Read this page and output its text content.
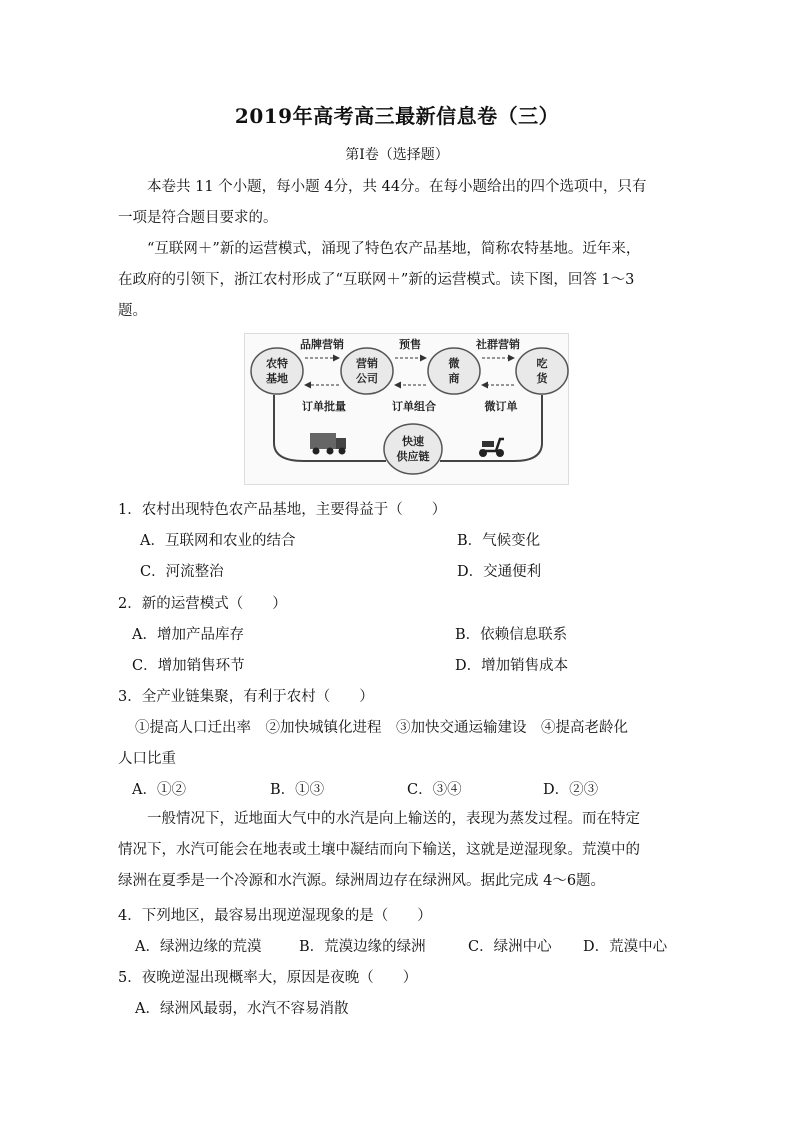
2019年高考高三最新信息卷（三）
第Ⅰ卷（选择题）
本卷共 11 个小题，每小题 4分，共 44分。在每小题给出的四个选项中，只有
一项是符合题目要求的。
“互联网＋”新的运营模式，涌现了特色农产品基地，简称农特基地。近年来，
在政府的引领下，浙江农村形成了“互联网＋”新的运营模式。读下图，回答 1～3
题。
农特
基地
营销
公司
微
商
吃
货
快速
供应链
品牌营销	预售	社群营销
订单批量	订单组合	微订单
1．农村出现特色农产品基地，主要得益于（　　）
A．互联网和农业的结合	B．气候变化
C．河流整治	D．交通便利
2．新的运营模式（　　）
A．增加产品库存	B．依赖信息联系
C．增加销售环节	D．增加销售成本
3．全产业链集聚，有利于农村（　　）
①提高人口迁出率　②加快城镇化进程　③加快交通运输建设　④提高老龄化
人口比重
A．①②	B．①③	C．③④	D．②③
一般情况下，近地面大气中的水汽是向上输送的，表现为蒸发过程。而在特定
情况下，水汽可能会在地表或土壤中凝结而向下输送，这就是逆湿现象。荒漠中的
绿洲在夏季是一个冷源和水汽源。绿洲周边存在绿洲风。据此完成 4～6题。
4．下列地区，最容易出现逆湿现象的是（　　）
A．绿洲边缘的荒漠	B．荒漠边缘的绿洲	C．绿洲中心 D．荒漠中心
5．夜晚逆湿出现概率大，原因是夜晚（　　）
A．绿洲风最弱，水汽不容易消散
